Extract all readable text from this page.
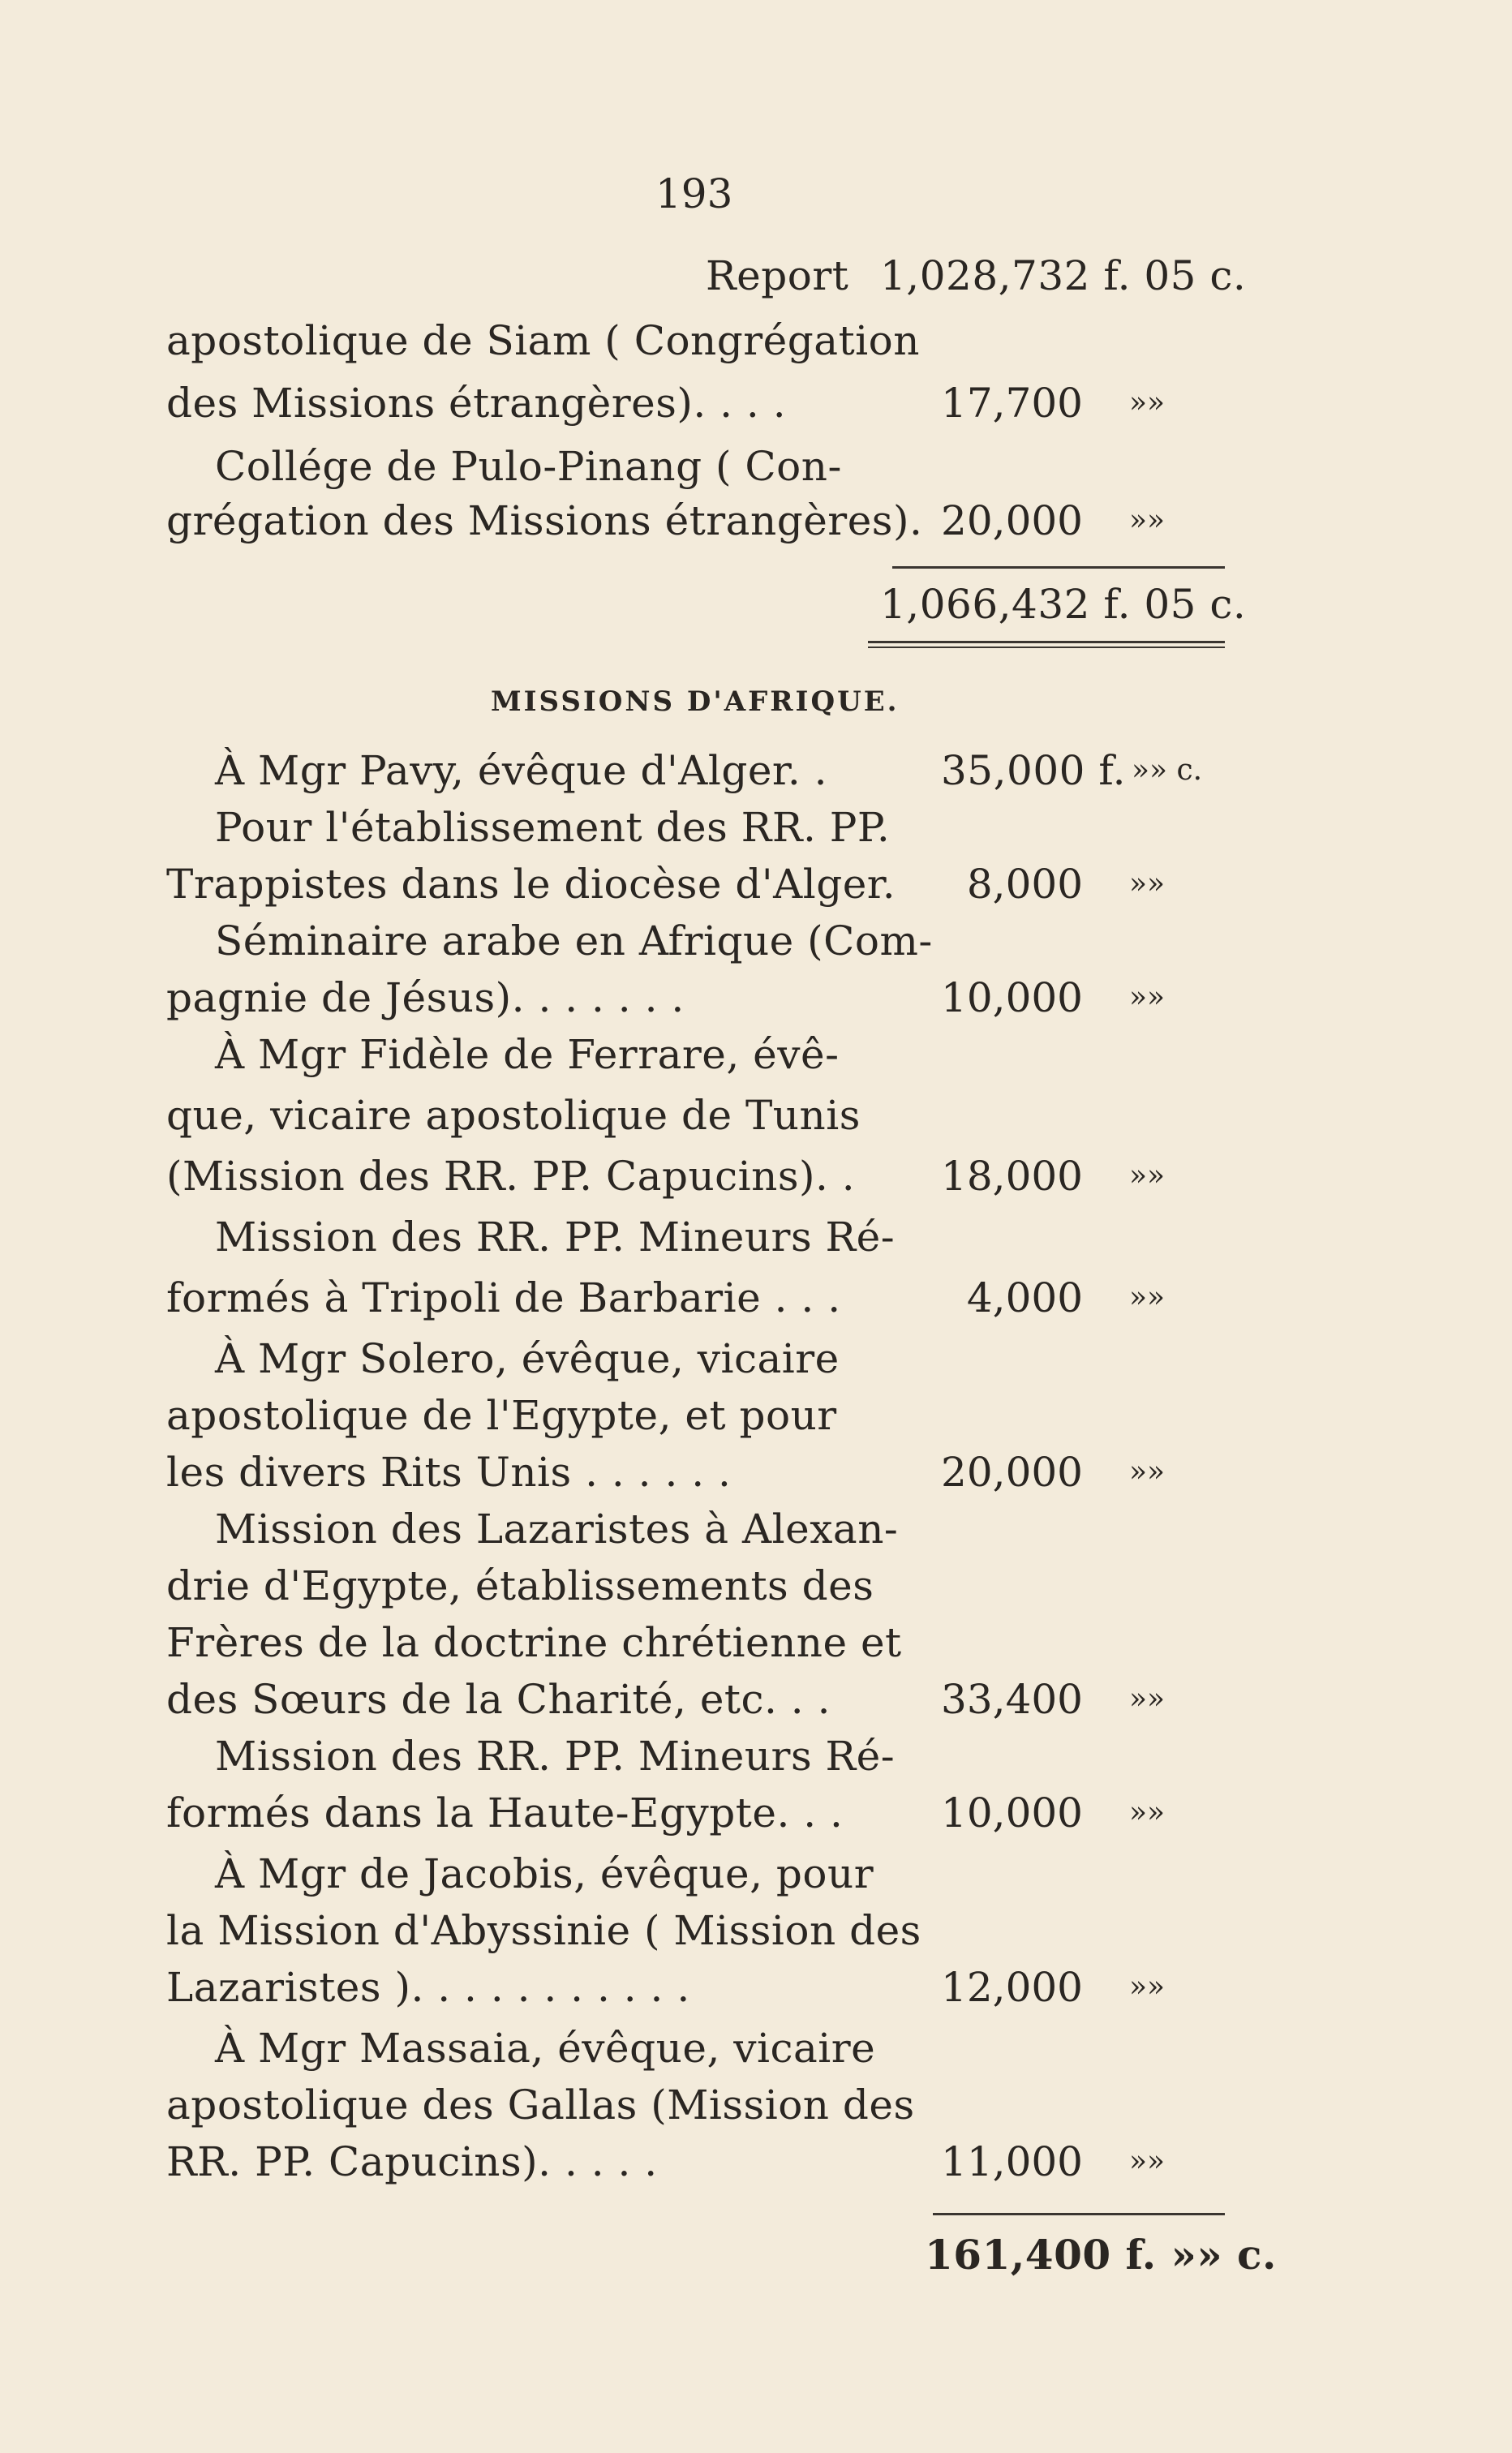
193
Report 1,028,732 f. 05 c.
apostolique de Siam ( Congrégation
des Missions étrangères). . . .	17,700 »»
Collége de Pulo-Pinang ( Con-
grégation des Missions étrangères). 20,000 »»
1,066,432 f. 05 c.
MISSIONS D'AFRIQUE.
À Mgr Pavy, évêque d'Alger. .	35,000 f. »» c.
Pour l'établissement des RR. PP.
Trappistes dans le diocèse d'Alger.	8,000 »»
Séminaire arabe en Afrique (Com-
pagnie de Jésus). . . . . . .	10,000 »»
À Mgr Fidèle de Ferrare, évê-
que, vicaire apostolique de Tunis
(Mission des RR. PP. Capucins). .	18,000 »»
Mission des RR. PP. Mineurs Ré-
formés à Tripoli de Barbarie . . .	4,000 »»
À Mgr Solero, évêque, vicaire
apostolique de l'Egypte, et pour
les divers Rits Unis . . . . . .	20,000 »»
Mission des Lazaristes à Alexan-
drie d'Egypte, établissements des
Frères de la doctrine chrétienne et
des Sœurs de la Charité, etc. . .	33,400 »»
Mission des RR. PP. Mineurs Ré-
formés dans la Haute-Egypte. . .	10,000 »»
À Mgr de Jacobis, évêque, pour
la Mission d'Abyssinie ( Mission des
Lazaristes ). . . . . . . . . . .	12,000 »»
À Mgr Massaia, évêque, vicaire
apostolique des Gallas (Mission des
RR. PP. Capucins). . . . .	11,000 »»
161,400 f. »» c.
